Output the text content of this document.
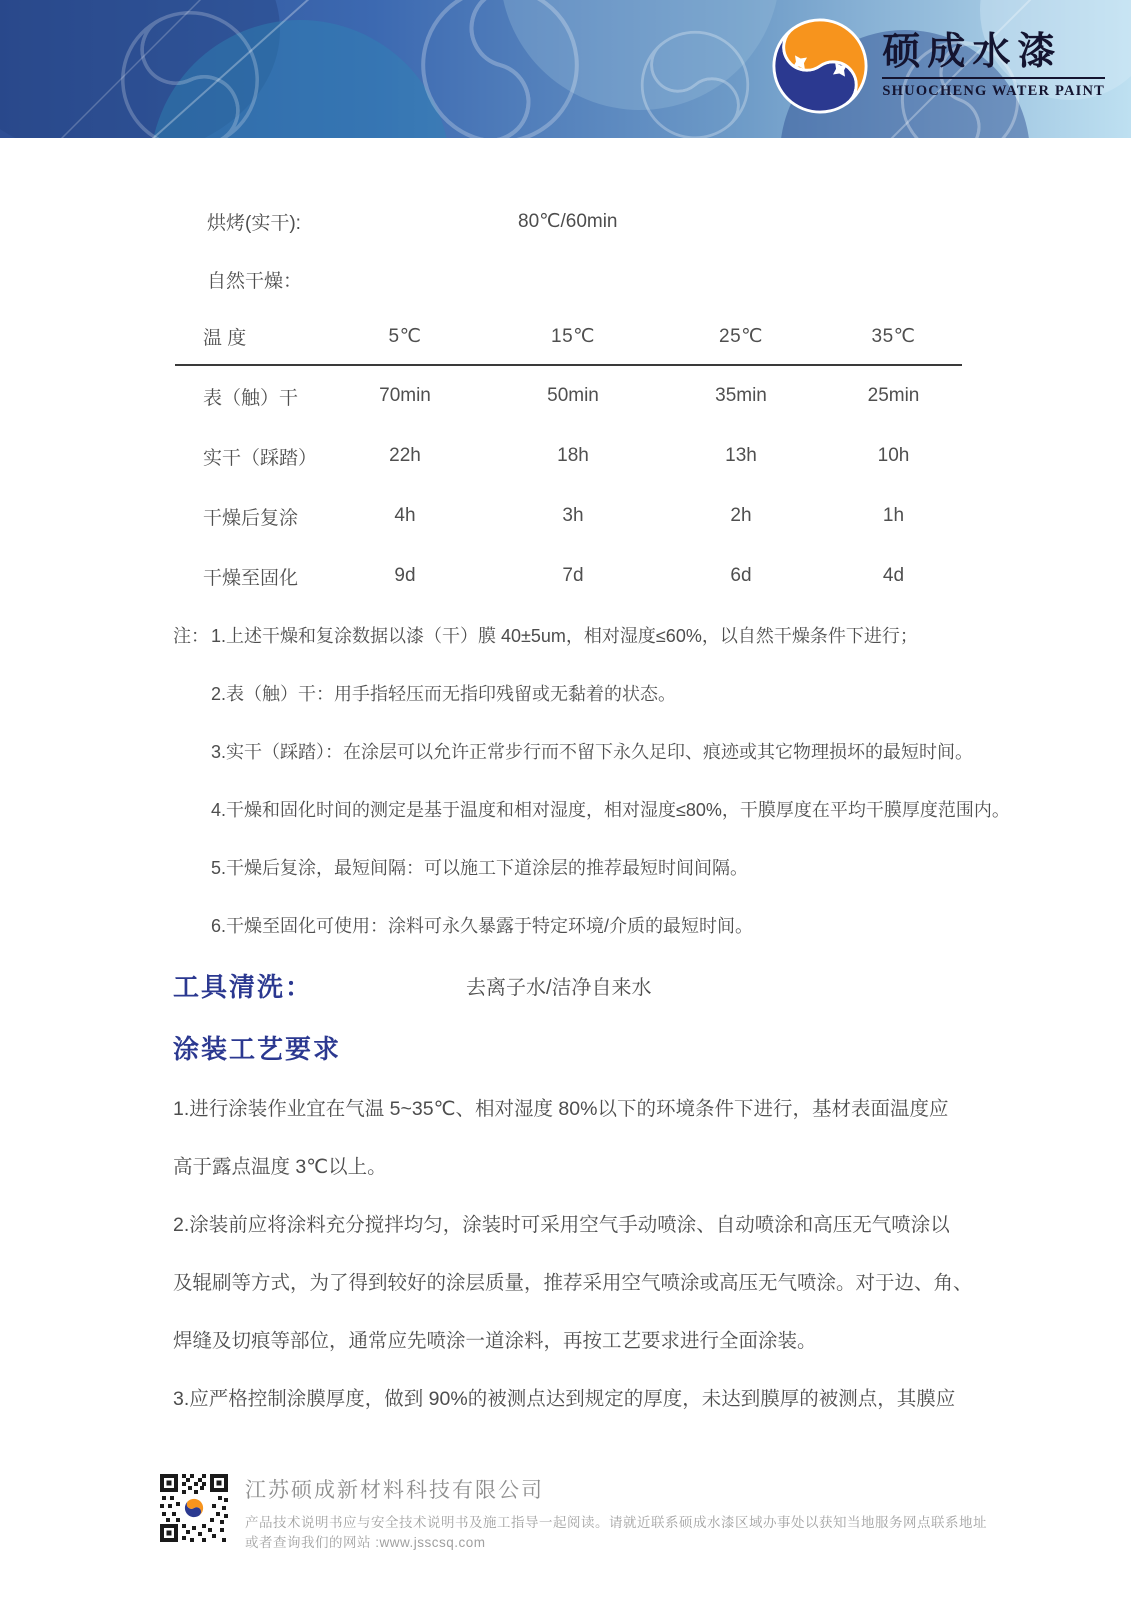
硕成水漆
SHUOCHENG WATER PAINT
烘烤(实干):	80℃/60min
自然干燥：
温 度	5℃	15℃	25℃	35℃
表（触）干	70min	50min	35min	25min
实干（踩踏）	22h	18h	13h	10h
干燥后复涂	4h	3h	2h	1h
干燥至固化	9d	7d	6d	4d
注： 1.上述干燥和复涂数据以漆（干）膜 40±5um，相对湿度≤60%，以自然干燥条件下进行；
2.表（触）干：用手指轻压而无指印残留或无黏着的状态。
3.实干（踩踏）：在涂层可以允许正常步行而不留下永久足印、痕迹或其它物理损坏的最短时间。
4.干燥和固化时间的测定是基于温度和相对湿度，相对湿度≤80%，干膜厚度在平均干膜厚度范围内。
5.干燥后复涂，最短间隔：可以施工下道涂层的推荐最短时间间隔。
6.干燥至固化可使用：涂料可永久暴露于特定环境/介质的最短时间。
工具清洗：	去离子水/洁净自来水
涂装工艺要求
1.进行涂装作业宜在气温 5~35℃、相对湿度 80%以下的环境条件下进行，基材表面温度应
高于露点温度 3℃以上。
2.涂装前应将涂料充分搅拌均匀，涂装时可采用空气手动喷涂、自动喷涂和高压无气喷涂以
及辊刷等方式，为了得到较好的涂层质量，推荐采用空气喷涂或高压无气喷涂。对于边、角、
焊缝及切痕等部位，通常应先喷涂一道涂料，再按工艺要求进行全面涂装。
3.应严格控制涂膜厚度，做到 90%的被测点达到规定的厚度，未达到膜厚的被测点，其膜应
江苏硕成新材料科技有限公司
产品技术说明书应与安全技术说明书及施工指导一起阅读。请就近联系硕成水漆区域办事处以获知当地服务网点联系地址
或者查询我们的网站 :www.jsscsq.com
